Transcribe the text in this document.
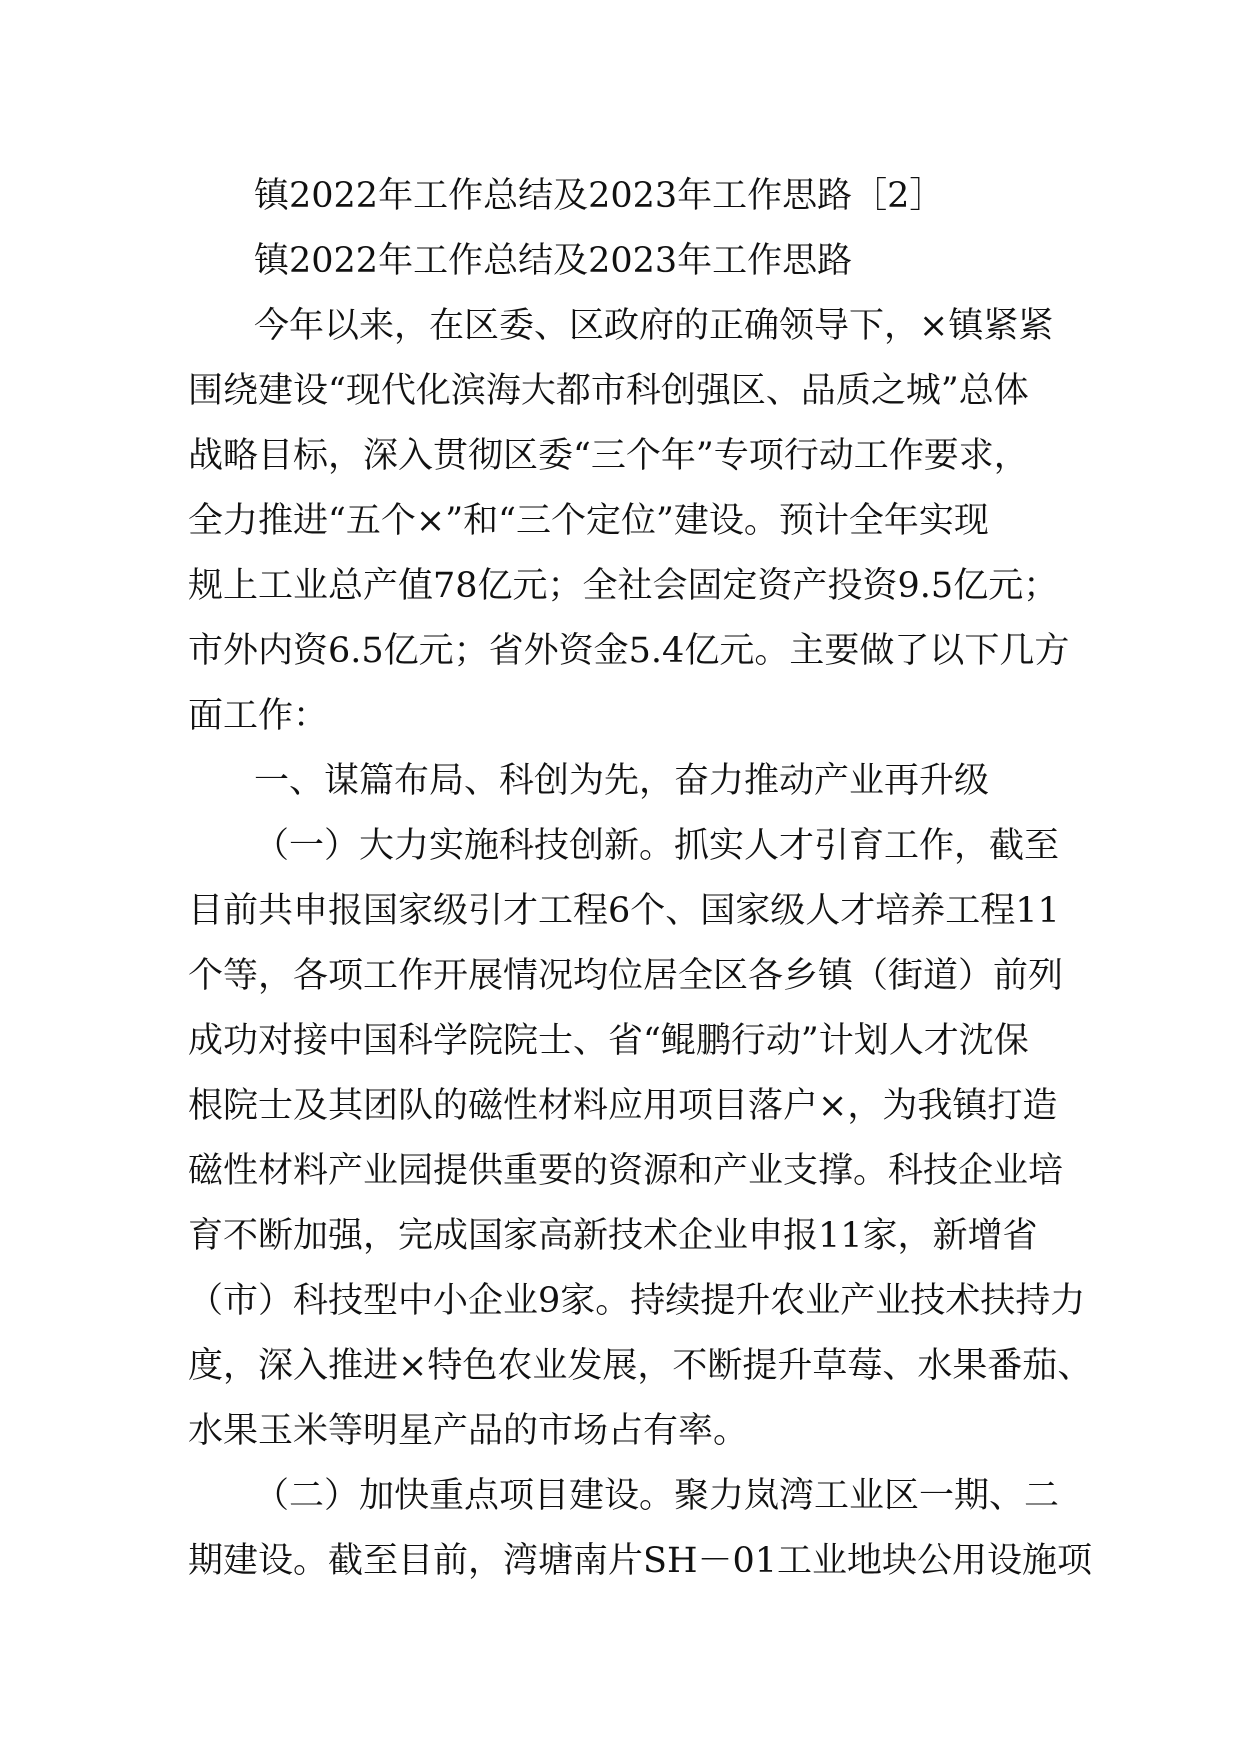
镇2022年工作总结及2023年工作思路［2］
镇2022年工作总结及2023年工作思路
今年以来，在区委、区政府的正确领导下，×镇紧紧
围绕建设“现代化滨海大都市科创强区、品质之城”总体
战略目标，深入贯彻区委“三个年”专项行动工作要求，
全力推进“五个×”和“三个定位”建设。预计全年实现
规上工业总产值78亿元；全社会固定资产投资9.5亿元；
市外内资6.5亿元；省外资金5.4亿元。主要做了以下几方
面工作：
一、谋篇布局、科创为先，奋力推动产业再升级
（一）大力实施科技创新。抓实人才引育工作，截至
目前共申报国家级引才工程6个、国家级人才培养工程11
个等，各项工作开展情况均位居全区各乡镇（街道）前列
成功对接中国科学院院士、省“鲲鹏行动”计划人才沈保
根院士及其团队的磁性材料应用项目落户×，为我镇打造
磁性材料产业园提供重要的资源和产业支撑。科技企业培
育不断加强，完成国家高新技术企业申报11家，新增省
（市）科技型中小企业9家。持续提升农业产业技术扶持力
度，深入推进×特色农业发展，不断提升草莓、水果番茄、
水果玉米等明星产品的市场占有率。
（二）加快重点项目建设。聚力岚湾工业区一期、二
期建设。截至目前，湾塘南片SH－01工业地块公用设施项
